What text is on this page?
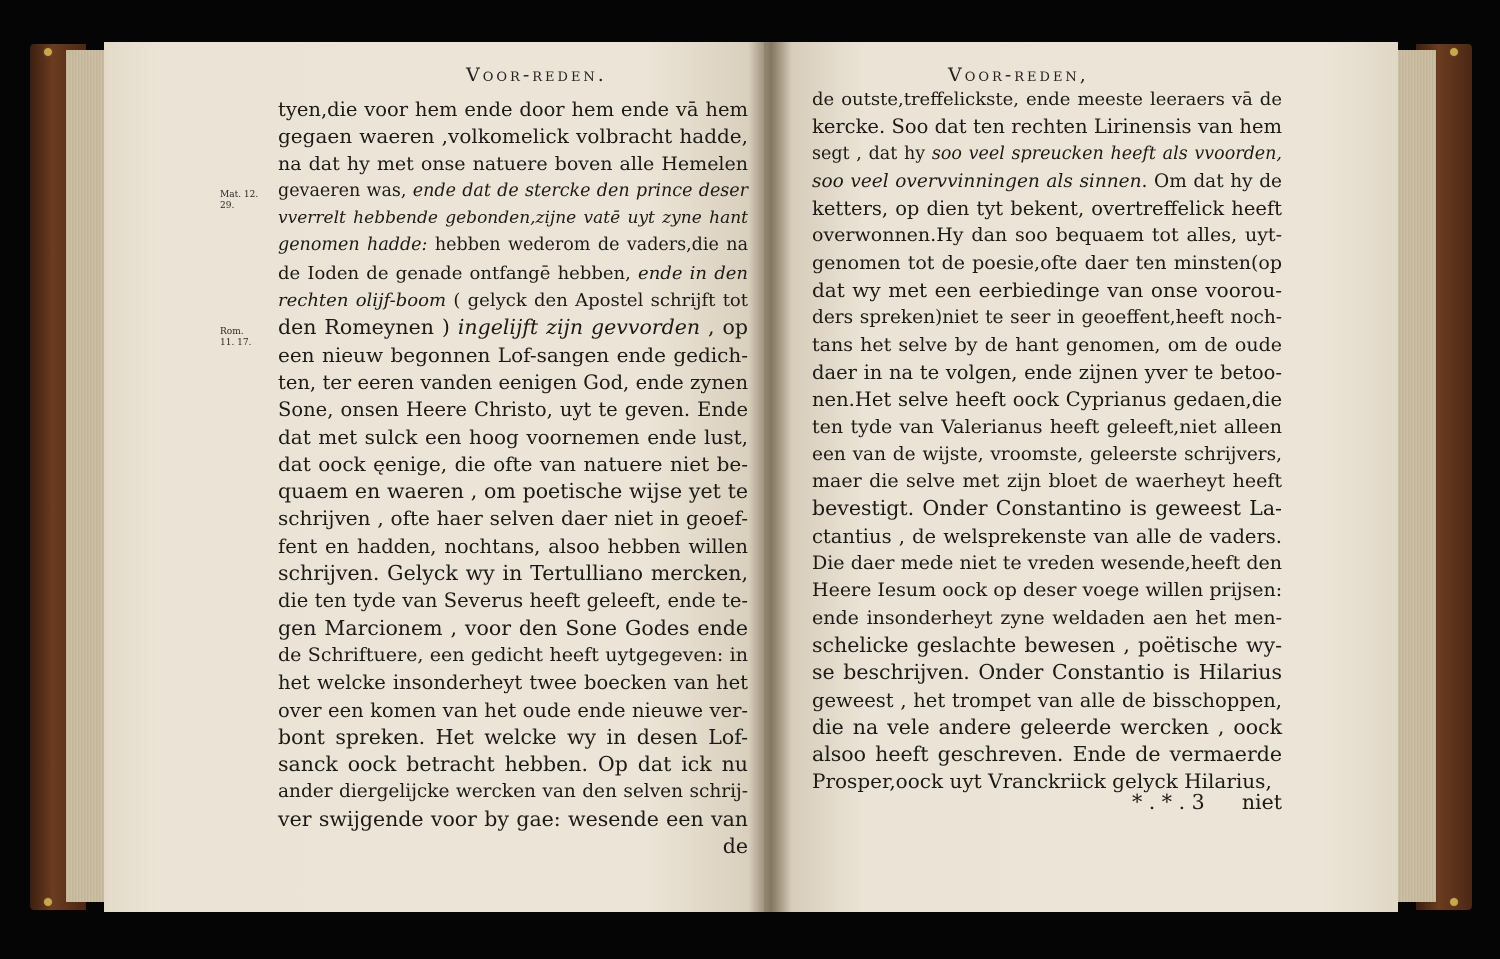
Voor-reden.
Mat. 12. 29.
Rom. 11. 17.
tyen,die voor hem ende door hem ende vā hem
gegaen waeren ,volkomelick volbracht hadde,
na dat hy met onse natuere boven alle Hemelen
gevaeren was, ende dat de stercke den prince deser
vverrelt hebbende gebonden,zijne vatē uyt zyne hant
genomen hadde: hebben wederom de vaders,die na
de Ioden de genade ontfangē hebben, ende in den
rechten olijf-boom ( gelyck den Apostel schrijft tot
den Romeynen ) ingelijft zijn gevvorden , op
een nieuw begonnen Lof-sangen ende gedich-
ten, ter eeren vanden eenigen God, ende zynen
Sone, onsen Heere Christo, uyt te geven. Ende
dat met sulck een hoog voornemen ende lust,
dat oock ęenige, die ofte van natuere niet be-
quaem en waeren , om poetische wijse yet te
schrijven , ofte haer selven daer niet in geoef-
fent en hadden, nochtans, alsoo hebben willen
schrijven. Gelyck wy in Tertulliano mercken,
die ten tyde van Severus heeft geleeft, ende te-
gen Marcionem , voor den Sone Godes ende
de Schriftuere, een gedicht heeft uytgegeven: in
het welcke insonderheyt twee boecken van het
over een komen van het oude ende nieuwe ver-
bont spreken. Het welcke wy in desen Lof-
sanck oock betracht hebben. Op dat ick nu
ander diergelijcke wercken van den selven schrij-
ver swijgende voor by gae: wesende een van
de
Voor-reden,
de outste,treffelickste, ende meeste leeraers vā de
kercke. Soo dat ten rechten Lirinensis van hem
segt , dat hy soo veel spreucken heeft als vvoorden,
soo veel overvvinningen als sinnen. Om dat hy de
ketters, op dien tyt bekent, overtreffelick heeft
overwonnen.Hy dan soo bequaem tot alles, uyt-
genomen tot de poesie,ofte daer ten minsten(op
dat wy met een eerbiedinge van onse voorou-
ders spreken)niet te seer in geoeffent,heeft noch-
tans het selve by de hant genomen, om de oude
daer in na te volgen, ende zijnen yver te betoo-
nen.Het selve heeft oock Cyprianus gedaen,die
ten tyde van Valerianus heeft geleeft,niet alleen
een van de wijste, vroomste, geleerste schrijvers,
maer die selve met zijn bloet de waerheyt heeft
bevestigt. Onder Constantino is geweest La-
ctantius , de welsprekenste van alle de vaders.
Die daer mede niet te vreden wesende,heeft den
Heere Iesum oock op deser voege willen prijsen:
ende insonderheyt zyne weldaden aen het men-
schelicke geslachte bewesen , poëtische wy-
se beschrijven. Onder Constantio is Hilarius
geweest , het trompet van alle de bisschoppen,
die na vele andere geleerde wercken , oock
alsoo heeft geschreven. Ende de vermaerde
Prosper,oock uyt Vranckriick gelyck Hilarius,
* . * . 3 niet
